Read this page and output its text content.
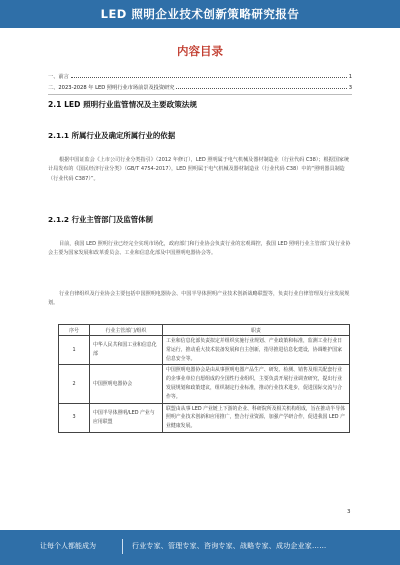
LED 照明企业技术创新策略研究报告
内容目录
一、前言	1
二、2023-2028 年 LED 照明行业市场前景及投资研究	3
2.1 LED 照明行业监管情况及主要政策法规
2.1.1 所属行业及确定所属行业的依据

根据中国证监会《上市公司行业分类指引》（2012 年修订），LED 照明属于电气机械及器材制造业（行业代码 C38）；根据国家统计局发布的《国民经济行业分类》（GB/T 4754-2017），LED 照明属于电气机械及器材制造业（行业代码 C38）中的“照明器具制造（行业代码 C387）”。

2.1.2 行业主管部门及监管体制

目前，我国 LED 照明行业已经完全实现市场化，政府部门和行业协会负责行业的宏观调控，我国 LED 照明行业主管部门及行业协会主要为国家发展和改革委员会、工业和信息化部及中国照明电器协会等。

行业自律组织及行业协会主要包括中国照明电器协会、中国半导体照明产业技术创新战略联盟等，负责行业自律管理及行业发展规划。

序号	行业主管部门/组织	职责
1	中华人民共和国工业和信息化部	工业和信息化部负责拟定并组织实施行业规划、产业政策和标准，监测工业行业日常运行，推动重大技术装备发展和自主创新，指导推进信息化建设，协调维护国家信息安全等。
2	中国照明电器协会	中国照明电器协会是由从事照明电器产品生产、研发、检测、销售及相关配套行业的企事业单位自愿组成的全国性行业组织，主要负责开展行业调查研究，提出行业发展规划和政策建议，组织制定行业标准，推动行业技术进步，促进国际交流与合作等。
3	中国半导体照明/LED 产业与应用联盟	联盟由从事 LED 产业链上下游的企业、科研院所及相关机构组成，旨在推动半导体照明产业技术创新和应用推广，整合行业资源，加强产学研合作，促进我国 LED 产业健康发展。
3
让每个人都能成为	行业专家、管理专家、咨询专家、战略专家、成功企业家……
